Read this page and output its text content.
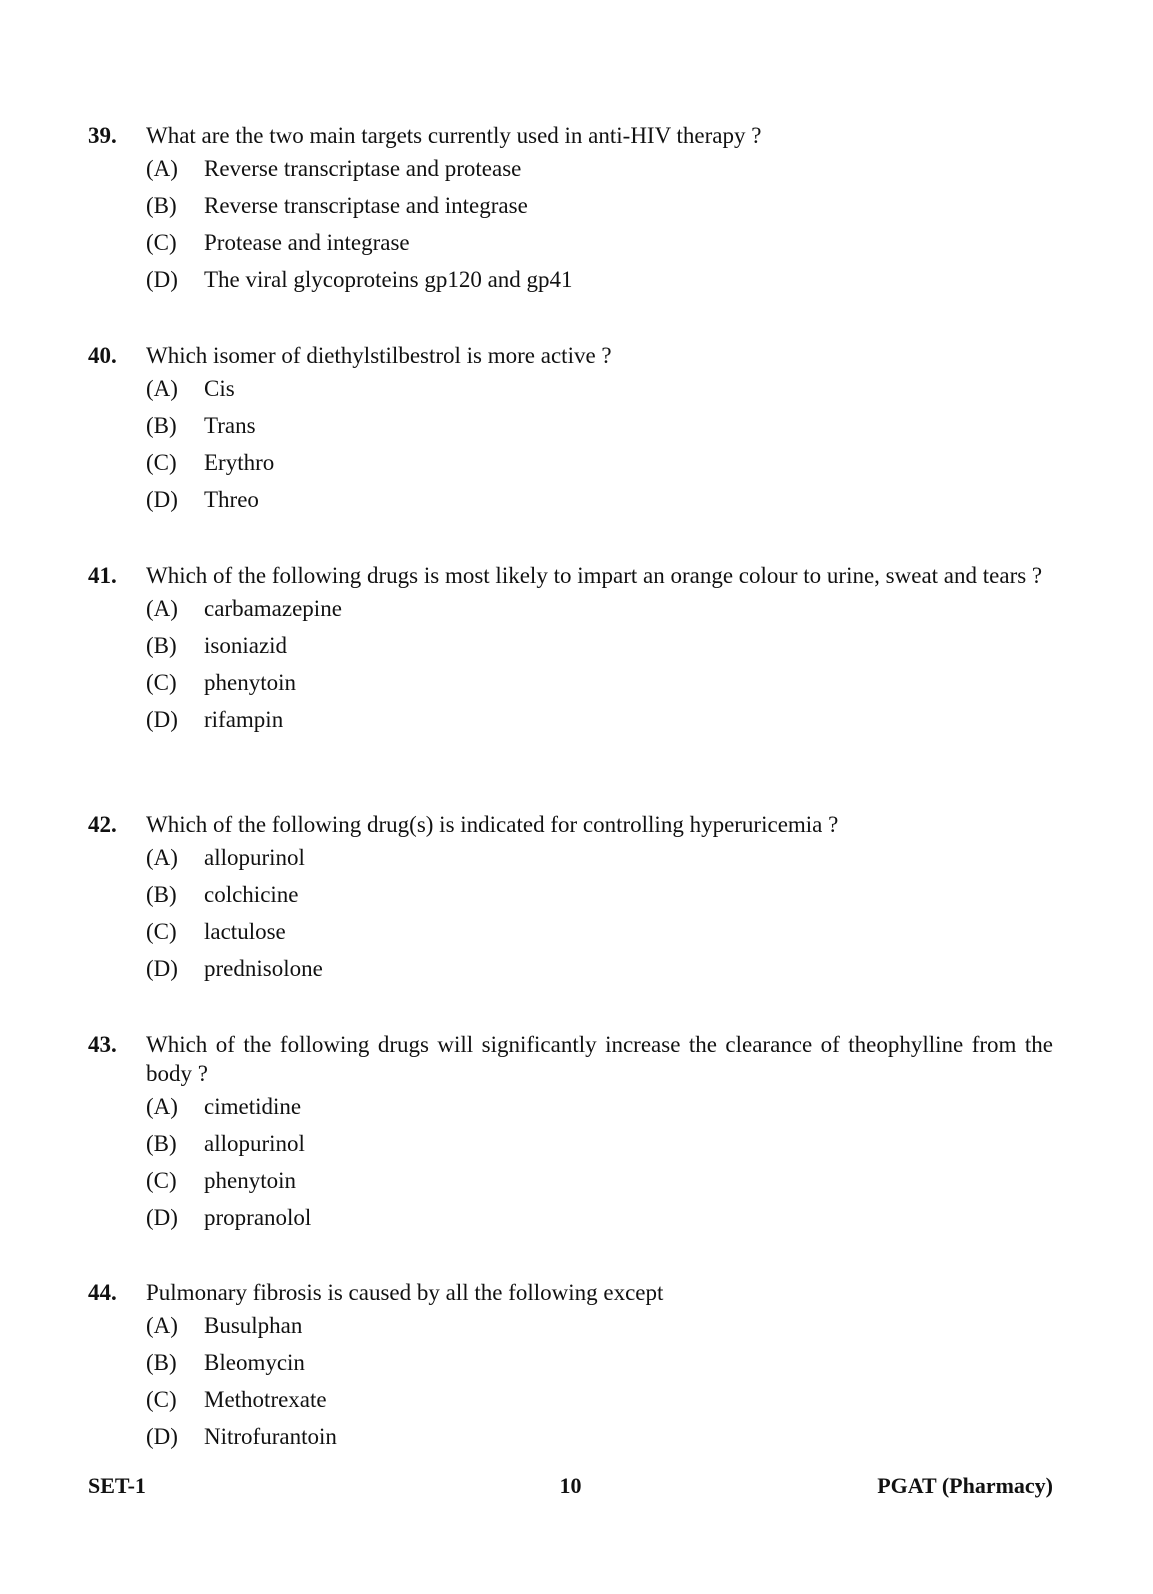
39. What are the two main targets currently used in anti-HIV therapy ?
(A) Reverse transcriptase and protease
(B) Reverse transcriptase and integrase
(C) Protease and integrase
(D) The viral glycoproteins gp120 and gp41
40. Which isomer of diethylstilbestrol is more active ?
(A) Cis
(B) Trans
(C) Erythro
(D) Threo
41. Which of the following drugs is most likely to impart an orange colour to urine, sweat and tears ?
(A) carbamazepine
(B) isoniazid
(C) phenytoin
(D) rifampin
42. Which of the following drug(s) is indicated for controlling hyperuricemia ?
(A) allopurinol
(B) colchicine
(C) lactulose
(D) prednisolone
43. Which of the following drugs will significantly increase the clearance of theophylline from the body ?
(A) cimetidine
(B) allopurinol
(C) phenytoin
(D) propranolol
44. Pulmonary fibrosis is caused by all the following except
(A) Busulphan
(B) Bleomycin
(C) Methotrexate
(D) Nitrofurantoin
SET-1	10	PGAT (Pharmacy)
